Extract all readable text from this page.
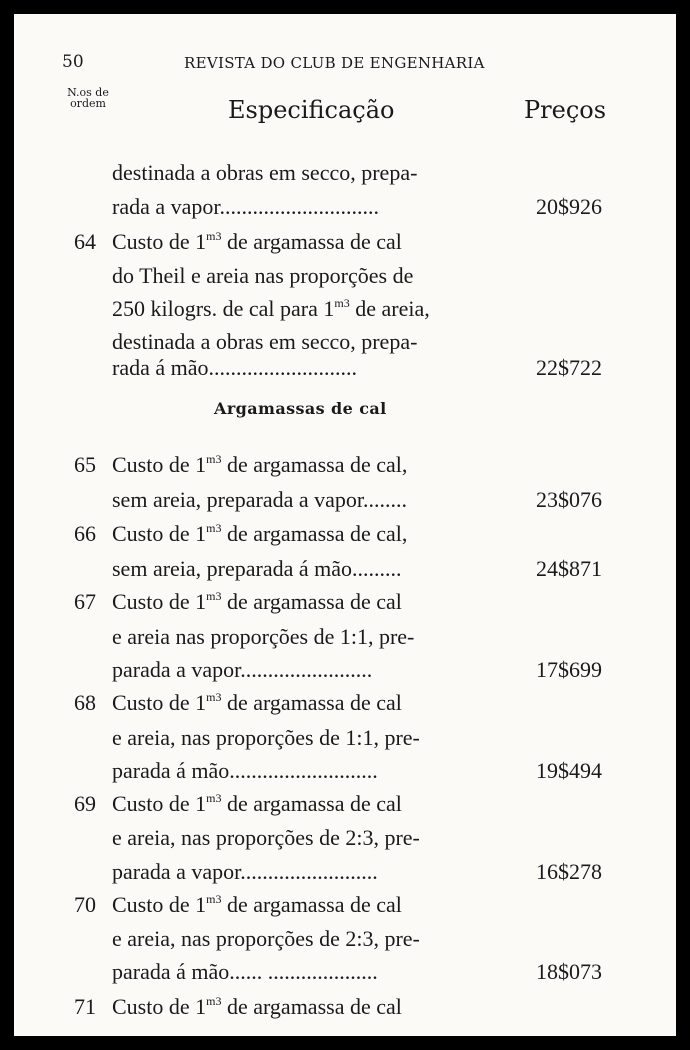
50	REVISTA DO CLUB DE ENGENHARIA
N.os de ordem	Especificação	Preços
Argamassas de cal
destinada a obras em secco, prepa-
rada a vapor.............................	20$926
64 Custo de $1^{m3}$ de argamassa de cal
do Theil e areia nas proporções de
250 kilogrs. de cal para $1^{m3}$ de areia,
destinada a obras em secco, prepa-
rada á mão...........................	22$722
65 Custo de $1^{m3}$ de argamassa de cal,
sem areia, preparada a vapor........	23$076
66 Custo de $1^{m3}$ de argamassa de cal,
sem areia, preparada á mão.........	24$871
67 Custo de $1^{m3}$ de argamassa de cal
e areia nas proporções de 1:1, pre-
parada a vapor........................	17$699
68 Custo de $1^{m3}$ de argamassa de cal
e areia, nas proporções de 1:1, pre-
parada á mão...........................	19$494
69 Custo de $1^{m3}$ de argamassa de cal
e areia, nas proporções de 2:3, pre-
parada a vapor.........................	16$278
70 Custo de $1^{m3}$ de argamassa de cal
e areia, nas proporções de 2:3, pre-
parada á mão...... ....................	18$073
71 Custo de $1^{m3}$ de argamassa de cal
